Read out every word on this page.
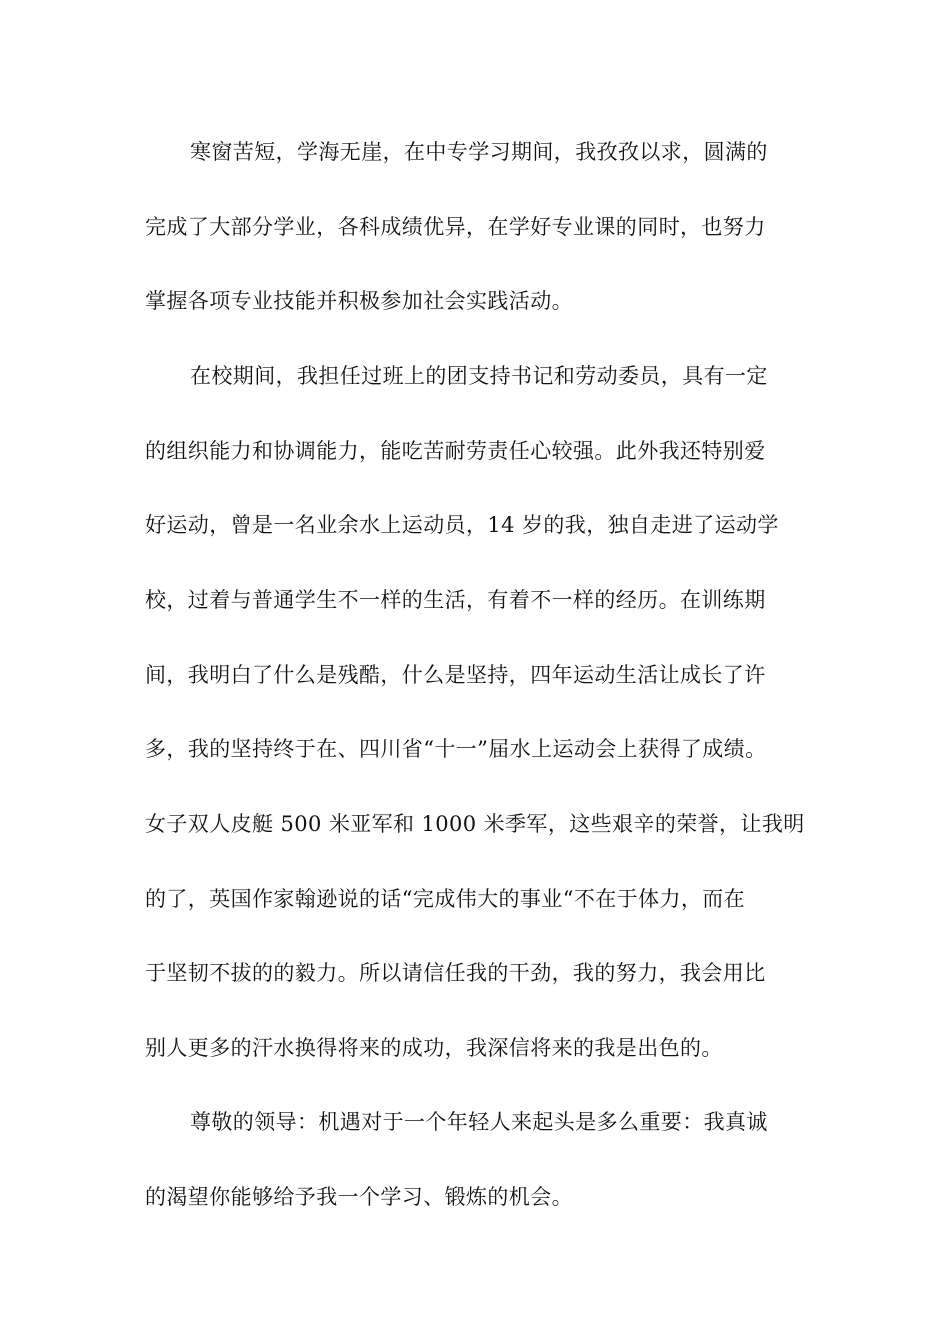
寒窗苦短，学海无崖，在中专学习期间，我孜孜以求，圆满的
完成了大部分学业，各科成绩优异，在学好专业课的同时，也努力
掌握各项专业技能并积极参加社会实践活动。
在校期间，我担任过班上的团支持书记和劳动委员，具有一定
的组织能力和协调能力，能吃苦耐劳责任心较强。此外我还特别爱
好运动，曾是一名业余水上运动员，14 岁的我，独自走进了运动学
校，过着与普通学生不一样的生活，有着不一样的经历。在训练期
间，我明白了什么是残酷，什么是坚持，四年运动生活让成长了许
多，我的坚持终于在、四川省“十一”届水上运动会上获得了成绩。
女子双人皮艇 500 米亚军和 1000 米季军，这些艰辛的荣誉，让我明
的了，英国作家翰逊说的话“完成伟大的事业“不在于体力，而在
于坚韧不拔的的毅力。所以请信任我的干劲，我的努力，我会用比
别人更多的汗水换得将来的成功，我深信将来的我是出色的。
尊敬的领导：机遇对于一个年轻人来起头是多么重要：我真诚
的渴望你能够给予我一个学习、锻炼的机会。
